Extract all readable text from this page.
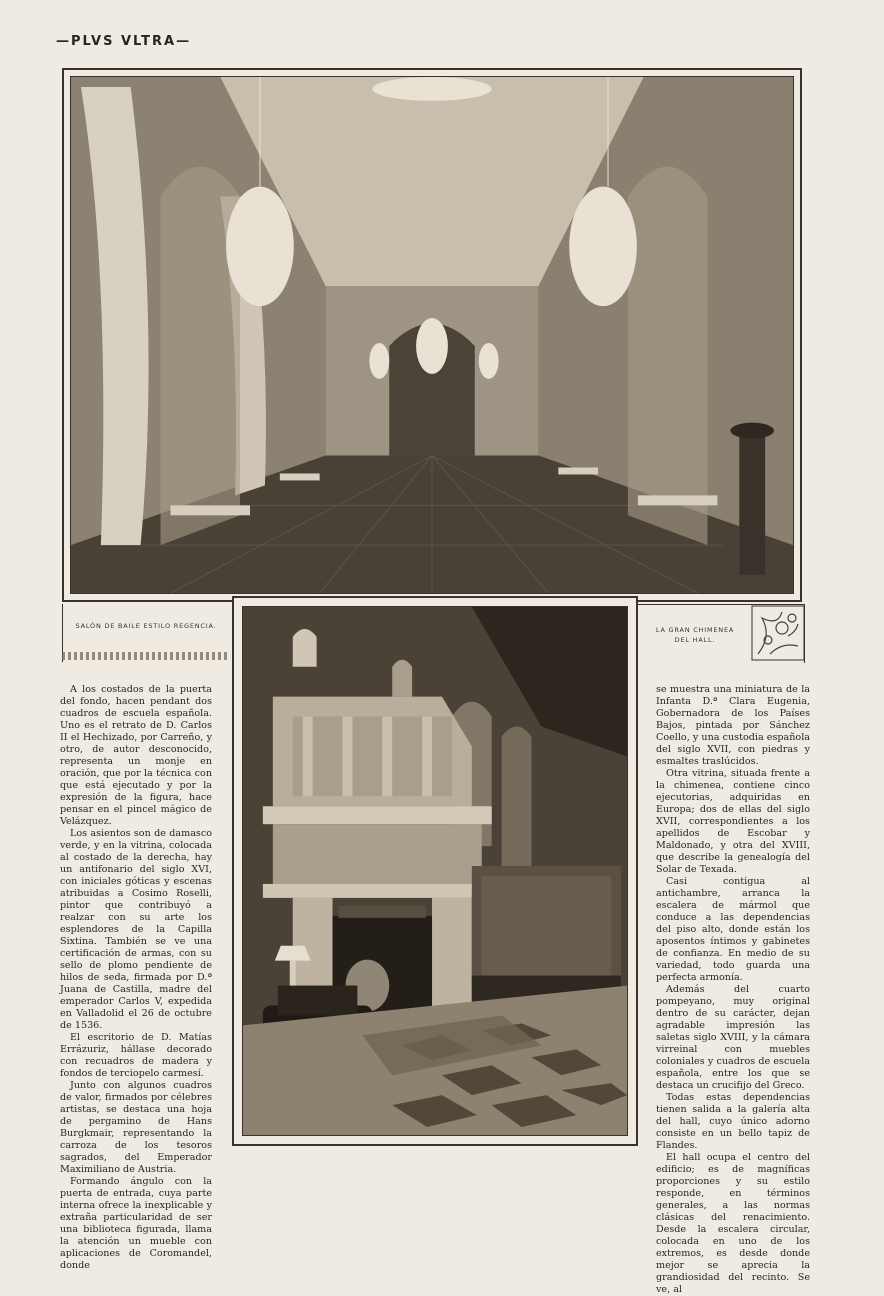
—PLVS VLTRA—
SALÓN DE BAILE ESTILO REGENCIA.	LA GRAN CHIMENEA
DEL HALL.

A los costados de la puerta del fondo, hacen pendant dos cuadros de escuela española. Uno es el retrato de D. Carlos II el Hechizado, por Carreño, y otro, de autor desconocido, representa un monje en oración, que por la técnica con que está ejecutado y por la expresión de la figura, hace pensar en el pincel mágico de Velázquez.

Los asientos son de damasco verde, y en la vitrina, colocada al costado de la derecha, hay un antifonario del siglo XVI, con iniciales góticas y escenas atribuidas a Cosimo Roselli, pintor que contribuyó a realzar con su arte los esplendores de la Capilla Sixtina. También se ve una certificación de armas, con su sello de plomo pendiente de hilos de seda, firmada por D.ª Juana de Castilla, madre del emperador Carlos V, expedida en Valladolid el 26 de octubre de 1536.

El escritorio de D. Matías Errázuriz, hállase decorado con recuadros de madera y fondos de terciopelo carmesí.

Junto con algunos cuadros de valor, firmados por célebres artistas, se destaca una hoja de pergamino de Hans Burgkmair, representando la carroza de los tesoros sagrados, del Emperador Maximiliano de Austria.

Formando ángulo con la puerta de entrada, cuya parte interna ofrece la inexplicable y extraña particularidad de ser una biblioteca figurada, llama la atención un mueble con aplicaciones de Coromandel, donde

se muestra una miniatura de la Infanta D.ª Clara Eugenia, Gobernadora de los Países Bajos, pintada por Sánchez Coello, y una custodia española del siglo XVII, con piedras y esmaltes traslúcidos.

Otra vitrina, situada frente a la chimenea, contiene cinco ejecutorias, adquiridas en Europa; dos de ellas del siglo XVII, correspondientes a los apellidos de Escobar y Maldonado, y otra del XVIII, que describe la genealogía del Solar de Texada.

Casi contigua al antichambre, arranca la escalera de mármol que conduce a las dependencias del piso alto, donde están los aposentos íntimos y gabinetes de confianza. En medio de su variedad, todo guarda una perfecta armonía.

Además del cuarto pompeyano, muy original dentro de su carácter, dejan agradable impresión las saletas siglo XVIII, y la cámara virreinal con muebles coloniales y cuadros de escuela española, entre los que se destaca un crucifijo del Greco.

Todas estas dependencias tienen salida a la galería alta del hall, cuyo único adorno consiste en un bello tapiz de Flandes.

El hall ocupa el centro del edificio; es de magníficas proporciones y su estilo responde, en términos generales, a las normas clásicas del renacimiento. Desde la escalera circular, colocada en uno de los extremos, es desde donde mejor se aprecia la grandiosidad del recinto. Se ve, al
